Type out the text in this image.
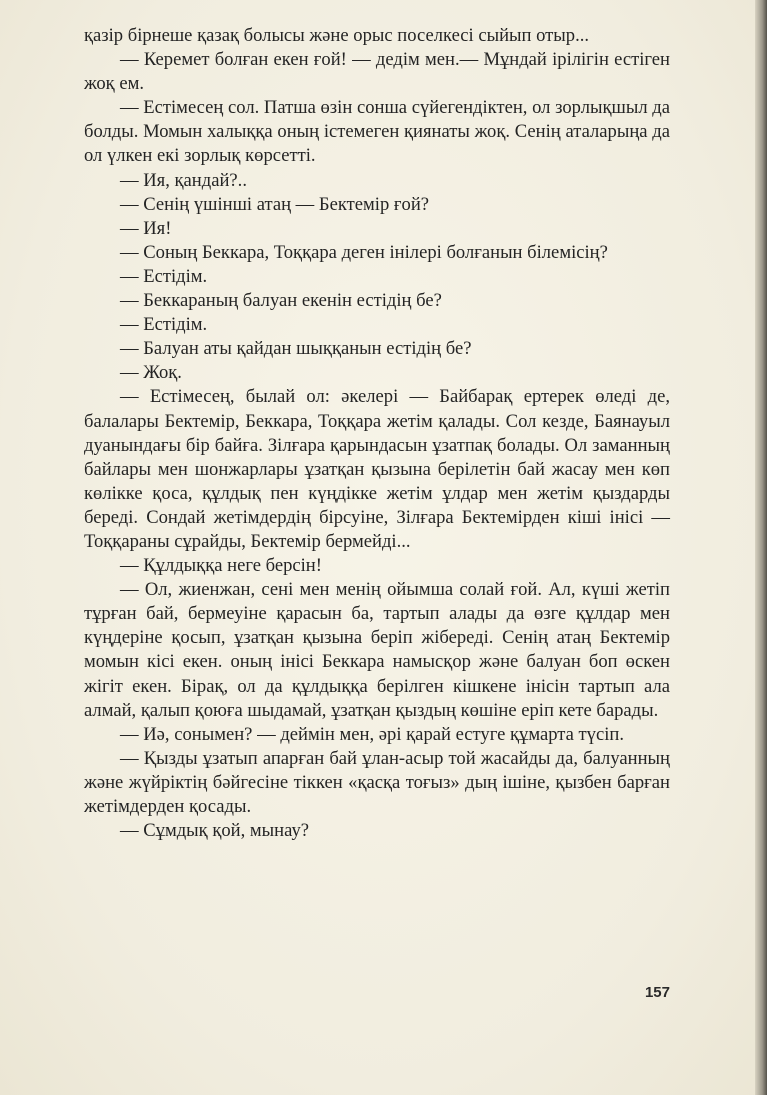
қазір бірнеше қазақ болысы және орыс поселкесі сыйып отыр...

— Керемет болған екен ғой! — дедім мен.— Мұндай ірілігін естіген жоқ ем.

— Естімесең сол. Патша өзін сонша сүйегендіктен, ол зорлықшыл да болды. Момын халыққа оның істемеген қиянаты жоқ. Сенің аталарыңа да ол үлкен екі зорлық көрсетті.

— Ия, қандай?..

— Сенің үшінші атаң — Бектемір ғой?

— Ия!

— Соның Беккара, Тоққара деген інілері болғанын білемісің?

— Естідім.

— Беккараның балуан екенін естідің бе?

— Естідім.

— Балуан аты қайдан шыққанын естідің бе?

— Жоқ.

— Естімесең, былай ол: әкелері — Байбарақ ертерек өледі де, балалары Бектемір, Беккара, Тоққара жетім қалады. Сол кезде, Баянауыл дуанындағы бір байға. Зілғара қарындасын ұзатпақ болады. Ол заманның байлары мен шонжарлары ұзатқан қызына берілетін бай жасау мен көп көлікке қоса, құлдық пен күңдікке жетім ұлдар мен жетім қыздарды береді. Сондай жетімдердің бірсуіне, Зілғара Бектемірден кіші інісі — Тоққараны сұрайды, Бектемір бермейді...

— Құлдыққа неге берсін!

— Ол, жиенжан, сені мен менің ойымша солай ғой. Ал, күші жетіп тұрған бай, бермеуіне қарасын ба, тартып алады да өзге құлдар мен күңдеріне қосып, ұзатқан қызына беріп жібереді. Сенің атаң Бектемір момын кісі екен. оның інісі Беккара намысқор және балуан боп өскен жігіт екен. Бірақ, ол да құлдыққа берілген кішкене інісін тартып ала алмай, қалып қоюға шыдамай, ұзатқан қыздың көшіне еріп кете барады.

— Иә, сонымен? — деймін мен, әрі қарай естуге құмарта түсіп.

— Қызды ұзатып апарған бай ұлан-асыр той жасайды да, балуанның және жүйріктің бәйгесіне тіккен «қасқа тоғыз» дың ішіне, қызбен барған жетімдерден қосады.

— Сұмдық қой, мынау?

157
